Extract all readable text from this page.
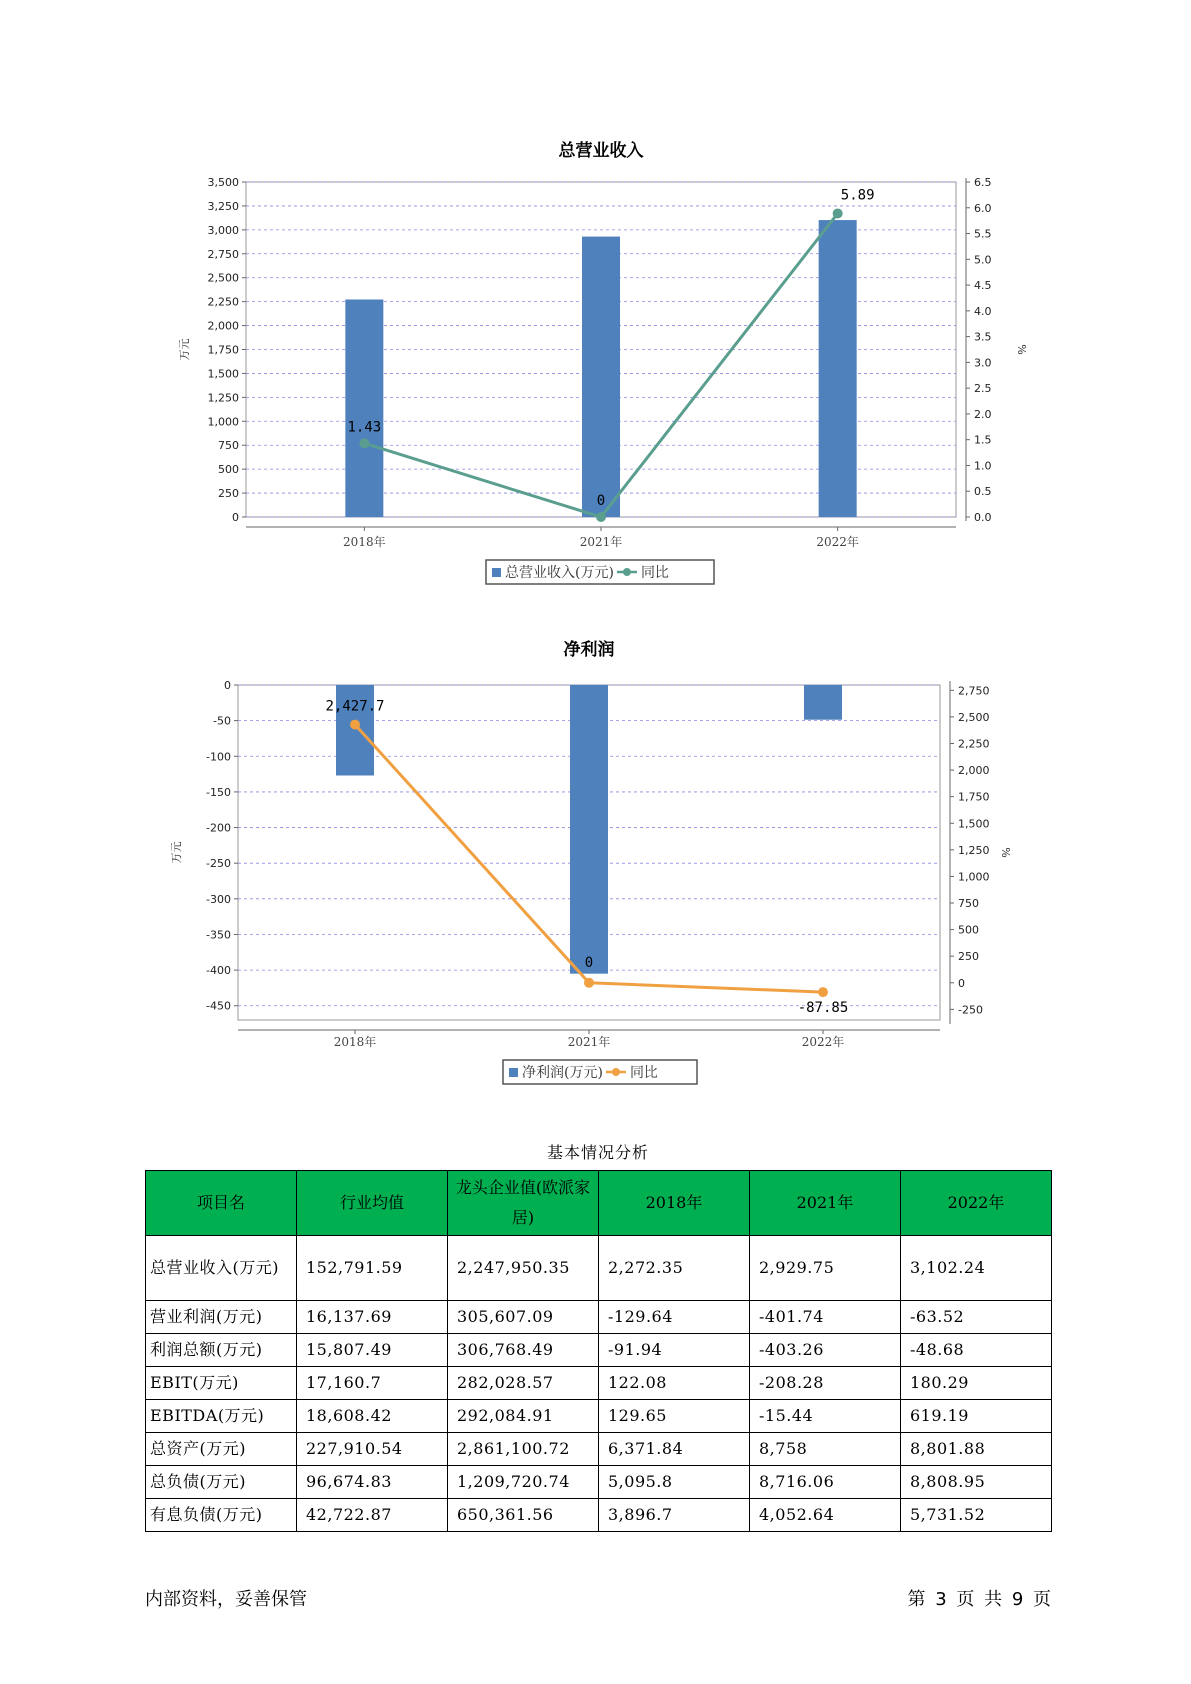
总营业收入
0
250
500
750
1,000
1,250
1,500
1,750
2,000
2,250
2,500
2,750
3,000
3,250
3,500
0.0
0.5
1.0
1.5
2.0
2.5
3.0
3.5
4.0
4.5
5.0
5.5
6.0
6.5
万元	%
2018年	2021年	2022年
1.43
0
5.89
总营业收入(万元) 同比
净利润
0
-50
-100
-150
-200
-250
-300
-350
-400
-450
2,750
2,500
2,250
2,000
1,750
1,500
1,250
1,000
750
500
250
0
-250
万元	%
2018年	2021年	2022年
2,427.7
0
-87.85
净利润(万元) 同比
基本情况分析
项目名	行业均值	龙头企业值(欧派家居)	2018年	2021年	2022年
总营业收入(万元)	152,791.59	2,247,950.35	2,272.35	2,929.75	3,102.24
营业利润(万元)	16,137.69	305,607.09	-129.64	-401.74	-63.52
利润总额(万元)	15,807.49	306,768.49	-91.94	-403.26	-48.68
EBIT(万元)	17,160.7	282,028.57	122.08	-208.28	180.29
EBITDA(万元)	18,608.42	292,084.91	129.65	-15.44	619.19
总资产(万元)	227,910.54	2,861,100.72	6,371.84	8,758	8,801.88
总负债(万元)	96,674.83	1,209,720.74	5,095.8	8,716.06	8,808.95
有息负债(万元)	42,722.87	650,361.56	3,896.7	4,052.64	5,731.52
内部资料，妥善保管	第 3 页 共 9 页
